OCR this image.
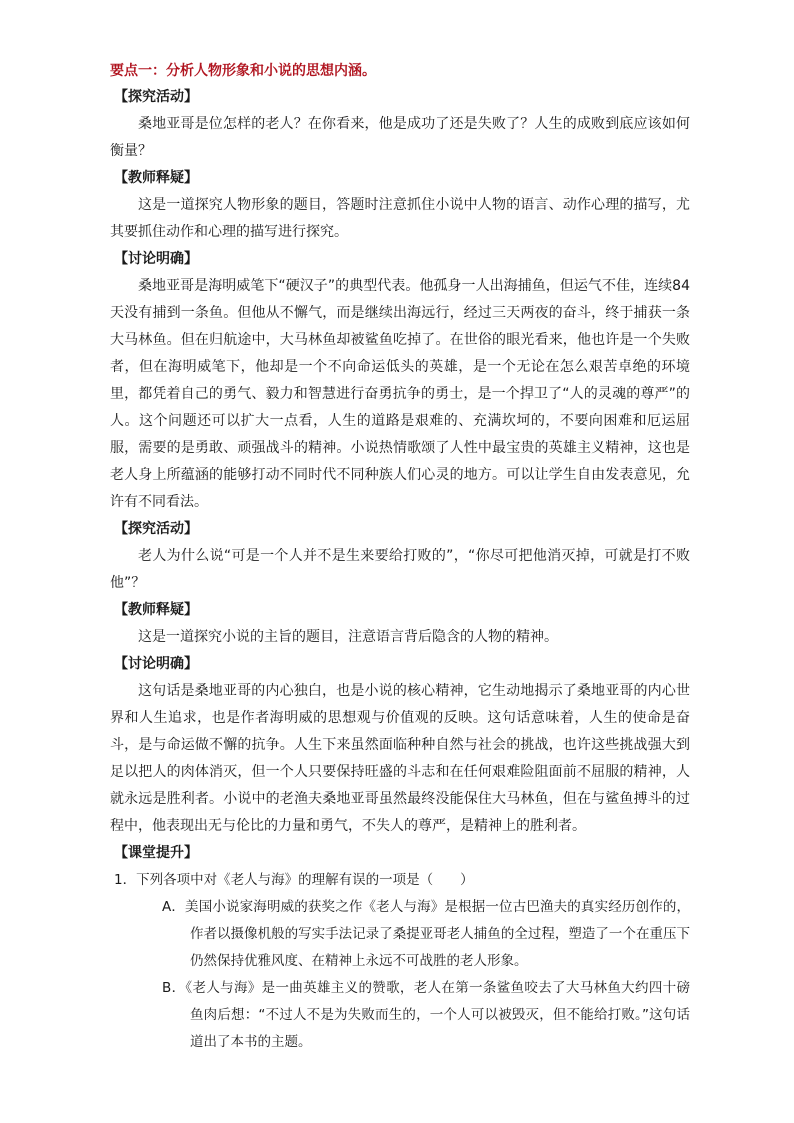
要点一：分析人物形象和小说的思想内涵。
【探究活动】

桑地亚哥是位怎样的老人？在你看来，他是成功了还是失败了？人生的成败到底应该如何衡量？

【教师释疑】

这是一道探究人物形象的题目，答题时注意抓住小说中人物的语言、动作心理的描写，尤其要抓住动作和心理的描写进行探究。

【讨论明确】

桑地亚哥是海明威笔下“硬汉子”的典型代表。他孤身一人出海捕鱼，但运气不佳，连续84天没有捕到一条鱼。但他从不懈气，而是继续出海远行，经过三天两夜的奋斗，终于捕获一条大马林鱼。但在归航途中，大马林鱼却被鲨鱼吃掉了。在世俗的眼光看来，他也许是一个失败者，但在海明威笔下，他却是一个不向命运低头的英雄，是一个无论在怎么艰苦卓绝的环境里，都凭着自己的勇气、毅力和智慧进行奋勇抗争的勇士，是一个捍卫了“人的灵魂的尊严”的人。这个问题还可以扩大一点看，人生的道路是艰难的、充满坎坷的，不要向困难和厄运屈服，需要的是勇敢、顽强战斗的精神。小说热情歌颂了人性中最宝贵的英雄主义精神，这也是老人身上所蕴涵的能够打动不同时代不同种族人们心灵的地方。可以让学生自由发表意见，允许有不同看法。

【探究活动】

老人为什么说“可是一个人并不是生来要给打败的”，“你尽可把他消灭掉，可就是打不败他”？

【教师释疑】

这是一道探究小说的主旨的题目，注意语言背后隐含的人物的精神。

【讨论明确】

这句话是桑地亚哥的内心独白，也是小说的核心精神，它生动地揭示了桑地亚哥的内心世界和人生追求，也是作者海明威的思想观与价值观的反映。这句话意味着，人生的使命是奋斗，是与命运做不懈的抗争。人生下来虽然面临种种自然与社会的挑战，也许这些挑战强大到足以把人的肉体消灭，但一个人只要保持旺盛的斗志和在任何艰难险阻面前不屈服的精神，人就永远是胜利者。小说中的老渔夫桑地亚哥虽然最终没能保住大马林鱼，但在与鲨鱼搏斗的过程中，他表现出无与伦比的力量和勇气，不失人的尊严，是精神上的胜利者。

【课堂提升】

1．下列各项中对《老人与海》的理解有误的一项是（　　）

A．美国小说家海明威的获奖之作《老人与海》是根据一位古巴渔夫的真实经历创作的，作者以摄像机般的写实手法记录了桑提亚哥老人捕鱼的全过程，塑造了一个在重压下仍然保持优雅风度、在精神上永远不可战胜的老人形象。

B．《老人与海》是一曲英雄主义的赞歌，老人在第一条鲨鱼咬去了大马林鱼大约四十磅鱼肉后想：“不过人不是为失败而生的，一个人可以被毁灭，但不能给打败。”这句话道出了本书的主题。
